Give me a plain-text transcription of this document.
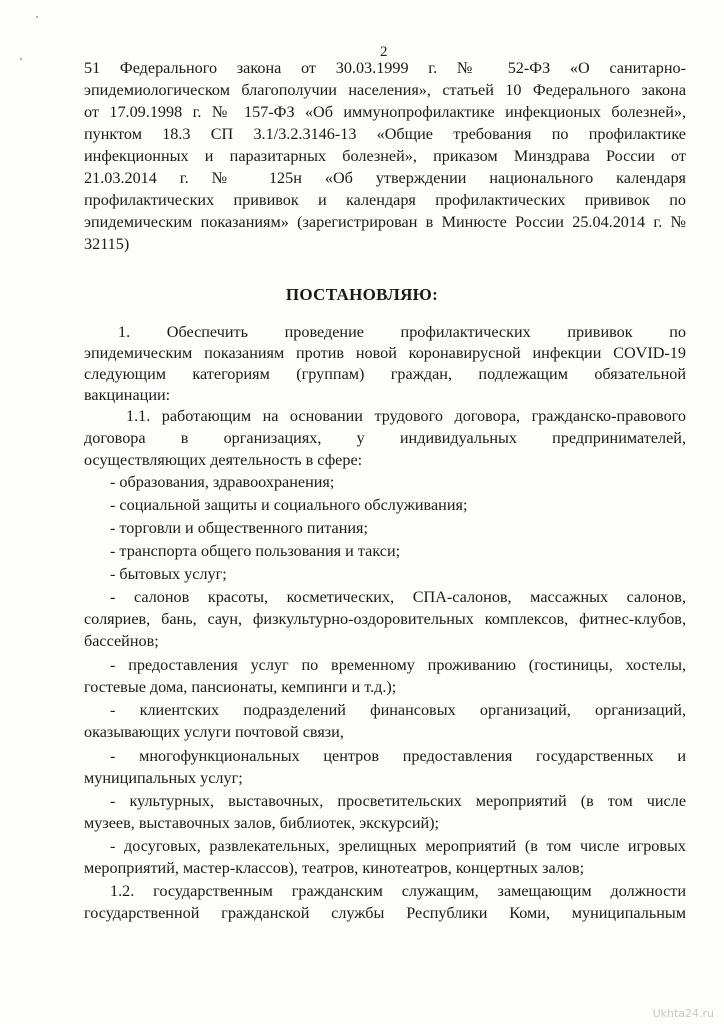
2
51 Федерального закона от 30.03.1999 г. № 52-ФЗ «О санитарно-
эпидемиологическом благополучии населения», статьей 10 Федерального закона
от 17.09.1998 г. № 157-ФЗ «Об иммунопрофилактике инфекционых болезней»,
пунктом 18.3 СП 3.1/3.2.3146-13 «Общие требования по профилактике
инфекционных и паразитарных болезней», приказом Минздрава России от
21.03.2014 г. № 125н «Об утверждении национального календаря
профилактических прививок и календаря профилактических прививок по
эпидемическим показаниям» (зарегистрирован в Минюсте России 25.04.2014 г. №
32115)
ПОСТАНОВЛЯЮ:
1. Обеспечить проведение профилактических прививок по
эпидемическим показаниям против новой коронавирусной инфекции COVID-19
следующим категориям (группам) граждан, подлежащим обязательной
вакцинации:
1.1. работающим на основании трудового договора, гражданско-правового
договора в организациях, у индивидуальных предпринимателей,
осуществляющих деятельность в сфере:
- образования, здравоохранения;
- социальной защиты и социального обслуживания;
- торговли и общественного питания;
- транспорта общего пользования и такси;
- бытовых услуг;
- салонов красоты, косметических, СПА-салонов, массажных салонов,
соляриев, бань, саун, физкультурно-оздоровительных комплексов, фитнес-клубов,
бассейнов;
- предоставления услуг по временному проживанию (гостиницы, хостелы,
гостевые дома, пансионаты, кемпинги и т.д.);
- клиентских подразделений финансовых организаций, организаций,
оказывающих услуги почтовой связи,
- многофункциональных центров предоставления государственных и
муниципальных услуг;
- культурных, выставочных, просветительских мероприятий (в том числе
музеев, выставочных залов, библиотек, экскурсий);
- досуговых, развлекательных, зрелищных мероприятий (в том числе игровых
мероприятий, мастер-классов), театров, кинотеатров, концертных залов;
1.2. государственным гражданским служащим, замещающим должности
государственной гражданской службы Республики Коми, муниципальным
Ukhta24.ru
